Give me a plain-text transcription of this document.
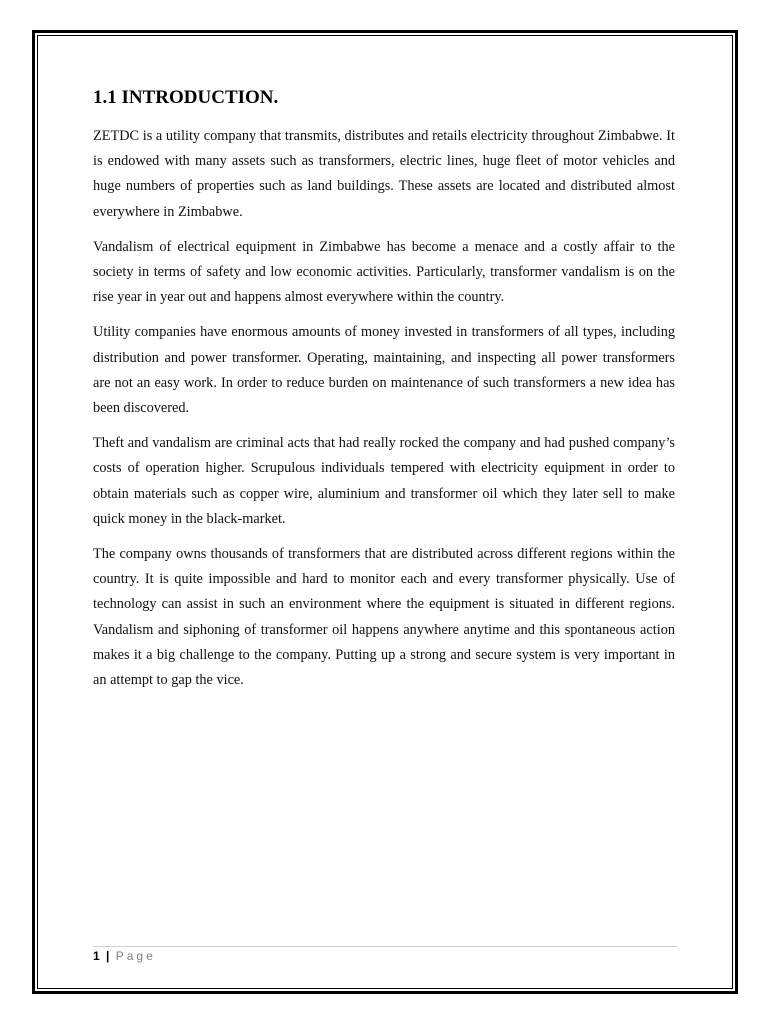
1.1 INTRODUCTION.

ZETDC is a utility company that transmits, distributes and retails electricity throughout Zimbabwe. It is endowed with many assets such as transformers, electric lines, huge fleet of motor vehicles and huge numbers of properties such as land buildings. These assets are located and distributed almost everywhere in Zimbabwe.

Vandalism of electrical equipment in Zimbabwe has become a menace and a costly affair to the society in terms of safety and low economic activities. Particularly, transformer vandalism is on the rise year in year out and happens almost everywhere within the country.

Utility companies have enormous amounts of money invested in transformers of all types, including distribution and power transformer. Operating, maintaining, and inspecting all power transformers are not an easy work. In order to reduce burden on maintenance of such transformers a new idea has been discovered.

Theft and vandalism are criminal acts that had really rocked the company and had pushed company’s costs of operation higher. Scrupulous individuals tempered with electricity equipment in order to obtain materials such as copper wire, aluminium and transformer oil which they later sell to make quick money in the black-market.

The company owns thousands of transformers that are distributed across different regions within the country. It is quite impossible and hard to monitor each and every transformer physically. Use of technology can assist in such an environment where the equipment is situated in different regions. Vandalism and siphoning of transformer oil happens anywhere anytime and this spontaneous action makes it a big challenge to the company. Putting up a strong and secure system is very important in an attempt to gap the vice.

1 | Page
